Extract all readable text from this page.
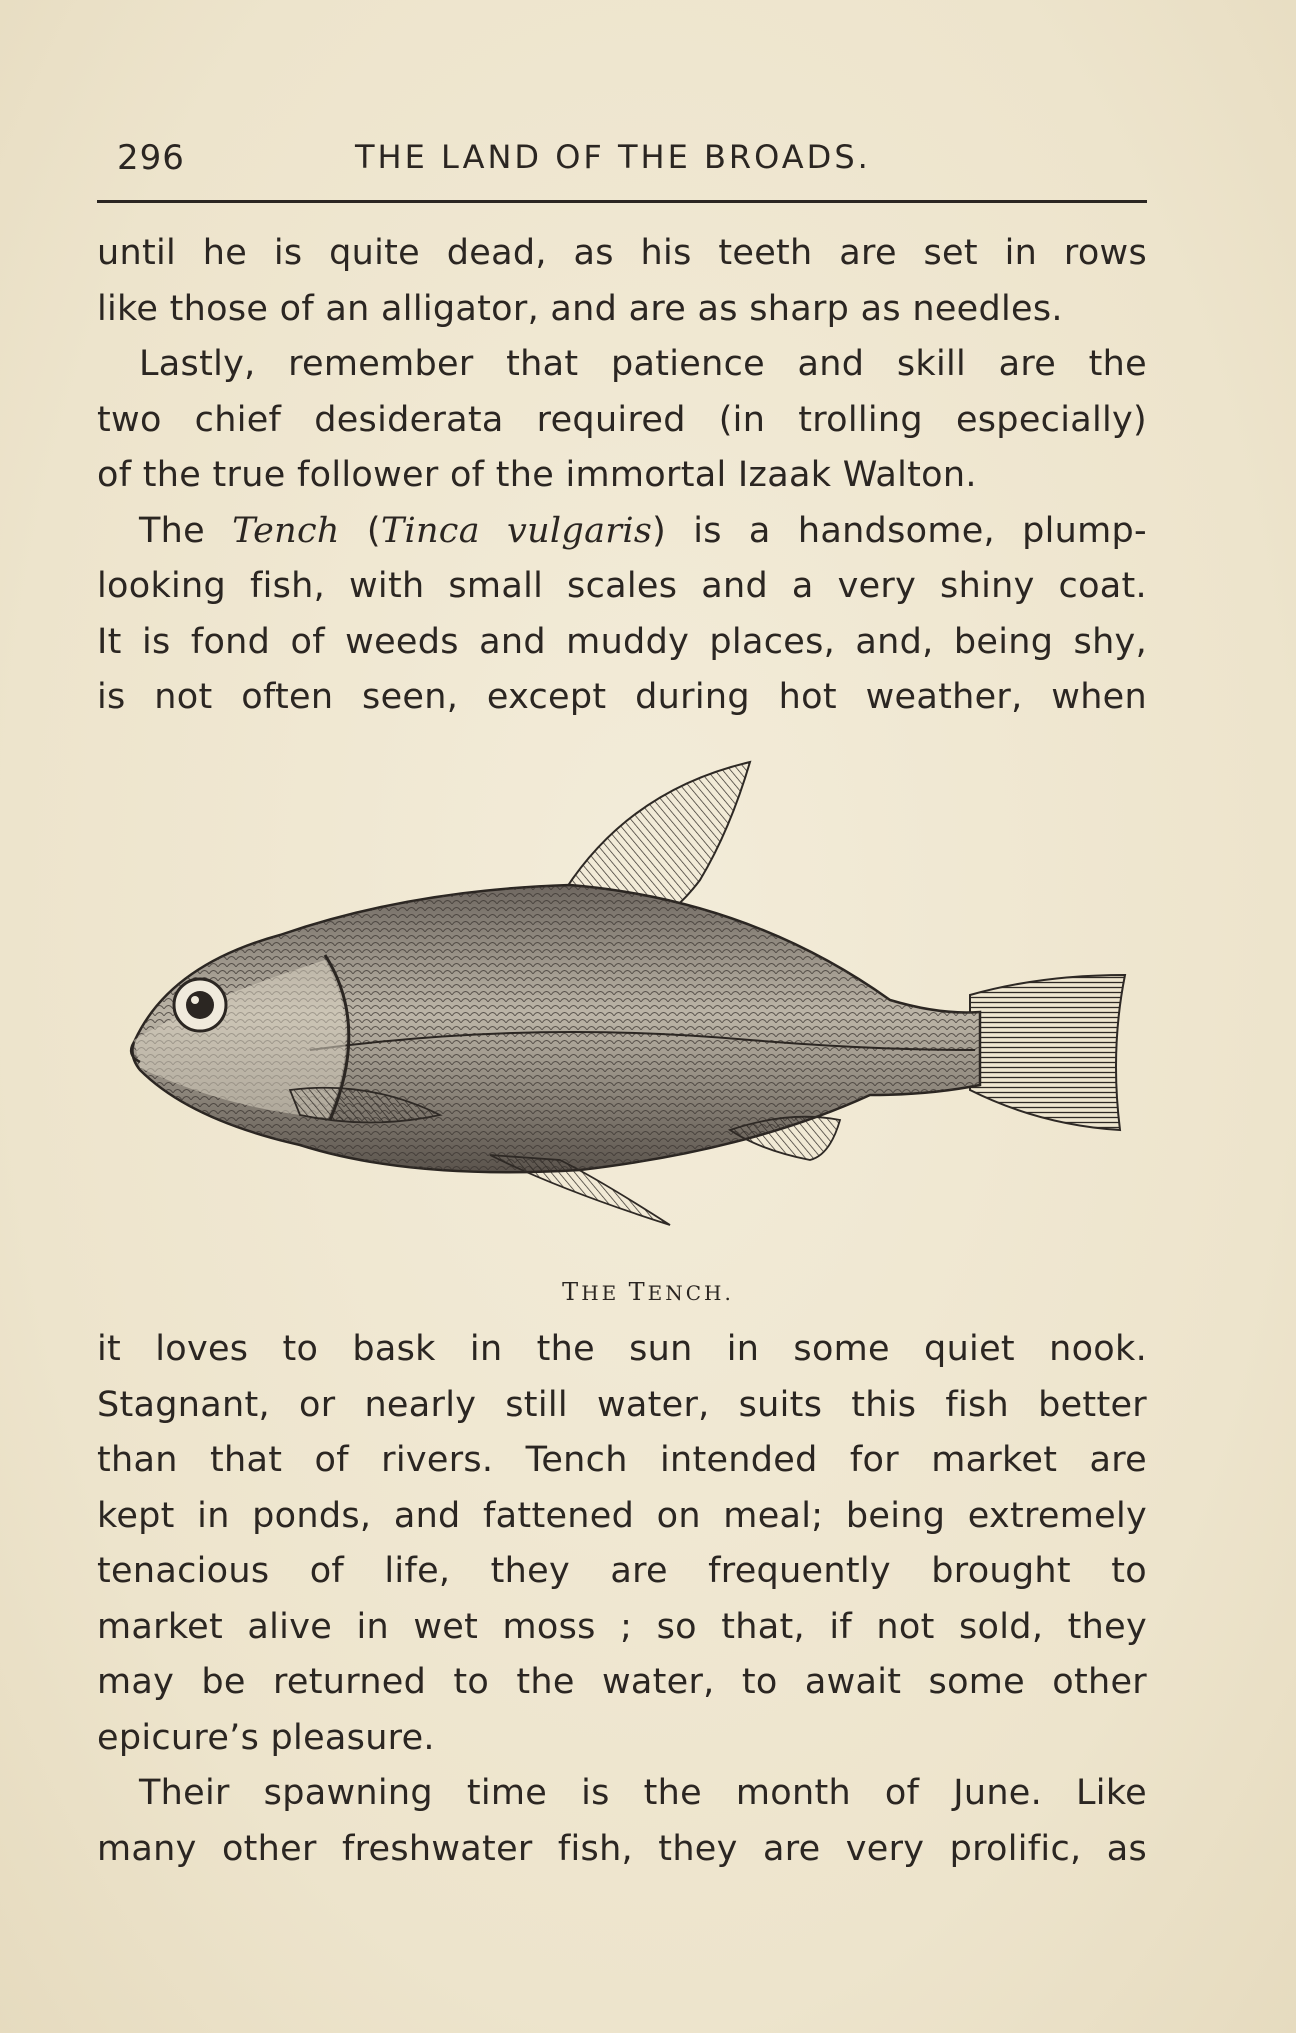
296	THE LAND OF THE BROADS.
until he is quite dead, as his teeth are set in rows
like those of an alligator, and are as sharp as needles.
Lastly, remember that patience and skill are the
two chief desiderata required (in trolling especially)
of the true follower of the immortal Izaak Walton.
The Tench (Tinca vulgaris) is a handsome, plump-
looking fish, with small scales and a very shiny coat.
It is fond of weeds and muddy places, and, being shy,
is not often seen, except during hot weather, when
THE TENCH.
it loves to bask in the sun in some quiet nook.
Stagnant, or nearly still water, suits this fish better
than that of rivers. Tench intended for market are
kept in ponds, and fattened on meal; being extremely
tenacious of life, they are frequently brought to
market alive in wet moss ; so that, if not sold, they
may be returned to the water, to await some other
epicure’s pleasure.
Their spawning time is the month of June. Like
many other freshwater fish, they are very prolific, as
